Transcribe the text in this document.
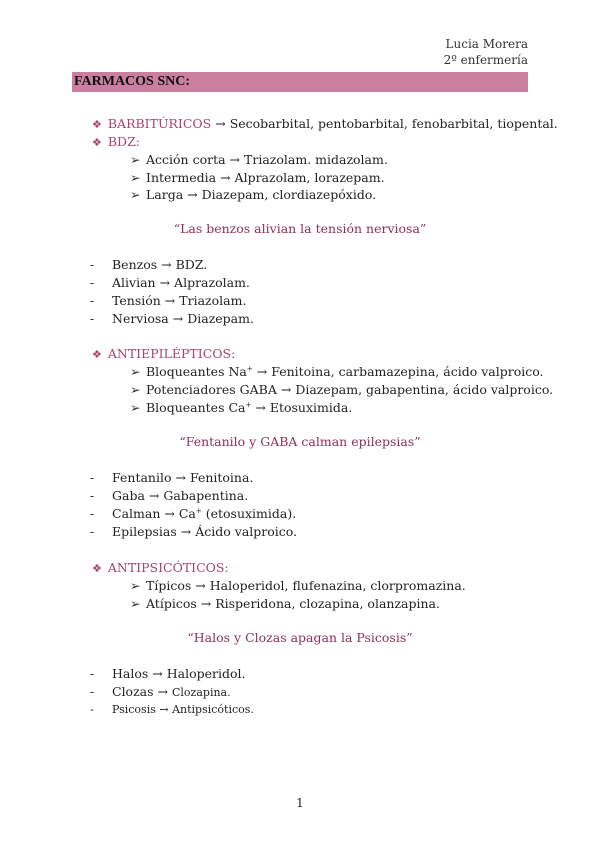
Lucia Morera
2º enfermería
FARMACOS SNC:
❖ BARBITÚRICOS → Secobarbital, pentobarbital, fenobarbital, tiopental.
❖ BDZ:
➢ Acción corta → Triazolam. midazolam.
➢ Intermedia → Alprazolam, lorazepam.
➢ Larga → Diazepam, clordiazepóxido.
“Las benzos alivian la tensión nerviosa”
- Benzos → BDZ.
- Alivian → Alprazolam.
- Tensión → Triazolam.
- Nerviosa → Diazepam.
❖ ANTIEPILÉPTICOS:
➢ Bloqueantes Na+ → Fenitoina, carbamazepina, ácido valproico.
➢ Potenciadores GABA → Diazepam, gabapentina, ácido valproico.
➢ Bloqueantes Ca+ → Etosuximida.
“Fentanilo y GABA calman epilepsias”
- Fentanilo → Fenitoina.
- Gaba → Gabapentina.
- Calman → Ca+ (etosuximida).
- Epilepsias → Ácido valproico.
❖ ANTIPSICÓTICOS:
➢ Típicos → Haloperidol, flufenazina, clorpromazina.
➢ Atípicos → Risperidona, clozapina, olanzapina.
“Halos y Clozas apagan la Psicosis”
- Halos → Haloperidol.
- Clozas → Clozapina.
- Psicosis → Antipsicóticos.
1
